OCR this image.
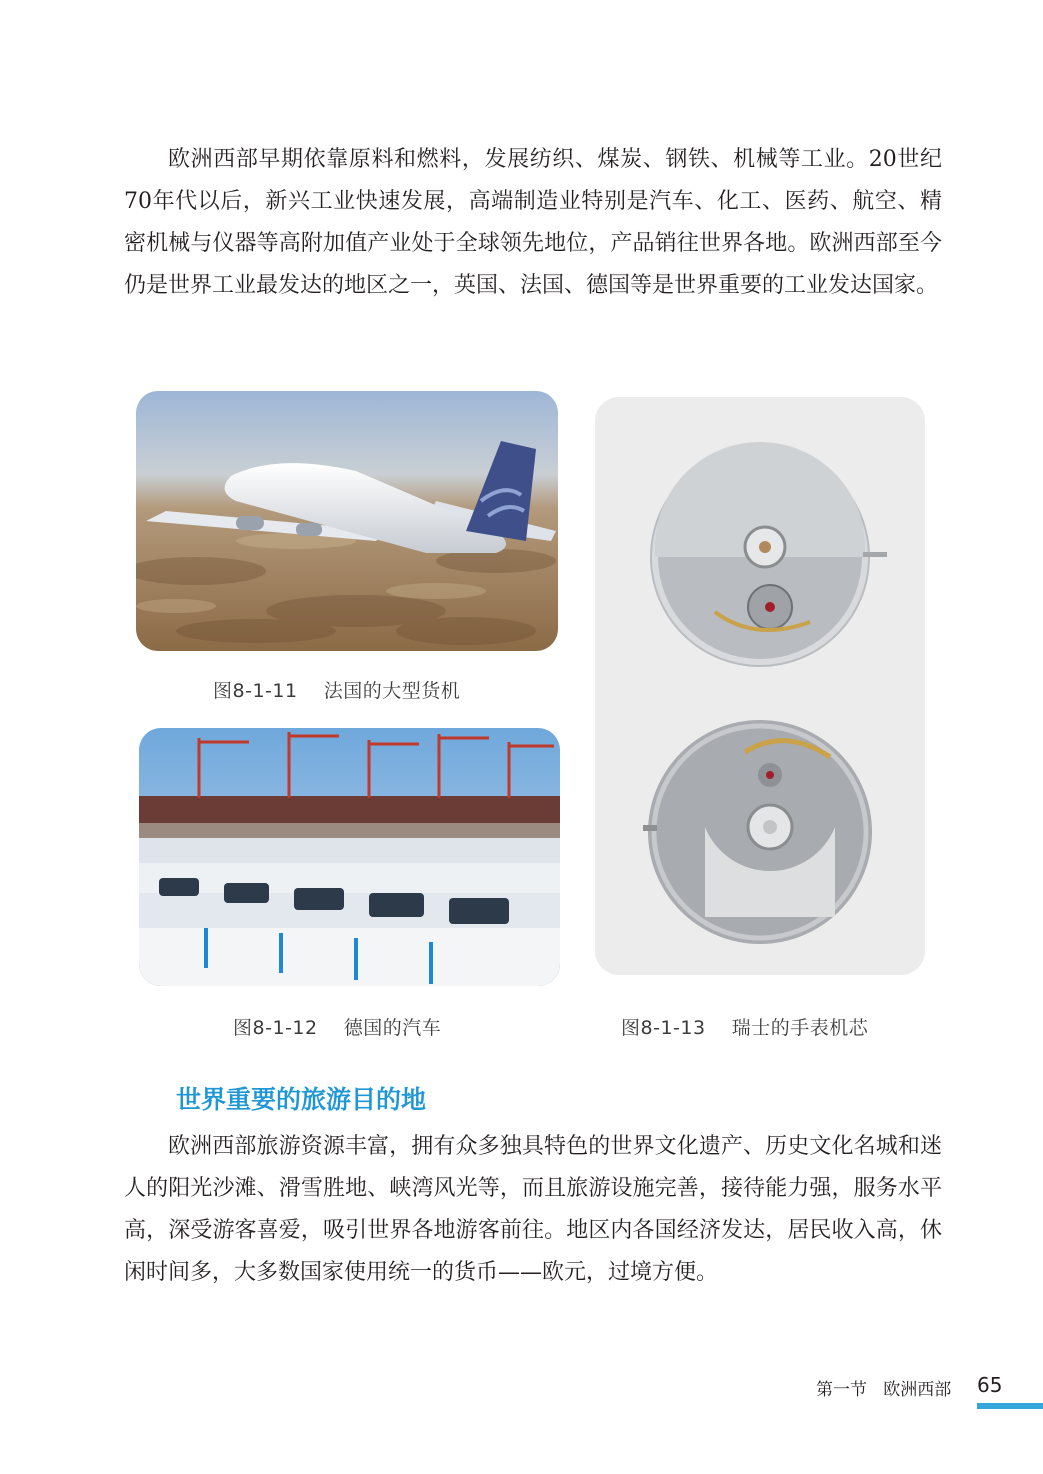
欧洲西部早期依靠原料和燃料，发展纺织、煤炭、钢铁、机械等工业。20世纪70年代以后，新兴工业快速发展，高端制造业特别是汽车、化工、医药、航空、精密机械与仪器等高附加值产业处于全球领先地位，产品销往世界各地。欧洲西部至今仍是世界工业最发达的地区之一，英国、法国、德国等是世界重要的工业发达国家。

图8-1-11    法国的大型货机
图8-1-12    德国的汽车	图8-1-13    瑞士的手表机芯
世界重要的旅游目的地

欧洲西部旅游资源丰富，拥有众多独具特色的世界文化遗产、历史文化名城和迷人的阳光沙滩、滑雪胜地、峡湾风光等，而且旅游设施完善，接待能力强，服务水平高，深受游客喜爱，吸引世界各地游客前往。地区内各国经济发达，居民收入高，休闲时间多，大多数国家使用统一的货币——欧元，过境方便。

第一节   欧洲西部 65
